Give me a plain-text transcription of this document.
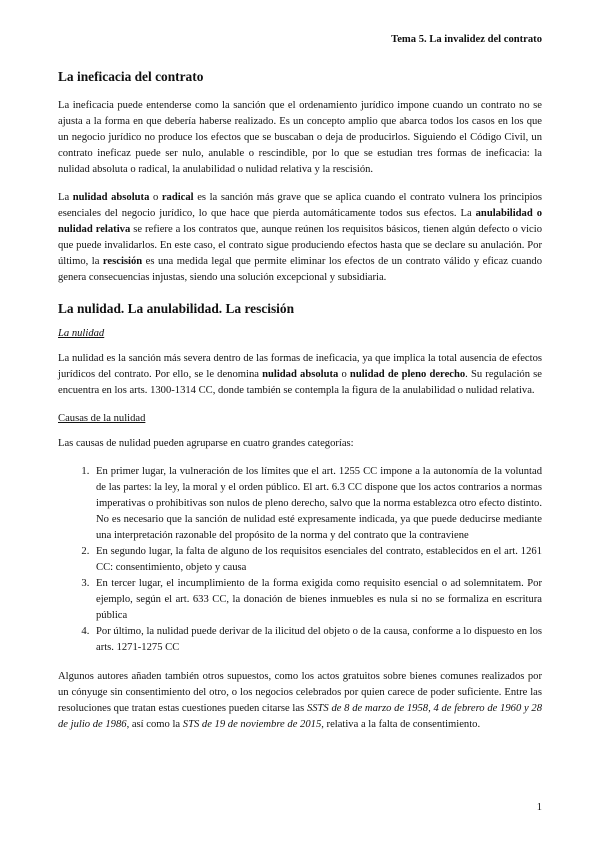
Tema 5. La invalidez del contrato
La ineficacia del contrato

La ineficacia puede entenderse como la sanción que el ordenamiento jurídico impone cuando un contrato no se ajusta a la forma en que debería haberse realizado. Es un concepto amplio que abarca todos los casos en los que un negocio jurídico no produce los efectos que se buscaban o deja de producirlos. Siguiendo el Código Civil, un contrato ineficaz puede ser nulo, anulable o rescindible, por lo que se estudian tres formas de ineficacia: la nulidad absoluta o radical, la anulabilidad o nulidad relativa y la rescisión.

La nulidad absoluta o radical es la sanción más grave que se aplica cuando el contrato vulnera los principios esenciales del negocio jurídico, lo que hace que pierda automáticamente todos sus efectos. La anulabilidad o nulidad relativa se refiere a los contratos que, aunque reúnen los requisitos básicos, tienen algún defecto o vicio que puede invalidarlos. En este caso, el contrato sigue produciendo efectos hasta que se declare su anulación. Por último, la rescisión es una medida legal que permite eliminar los efectos de un contrato válido y eficaz cuando genera consecuencias injustas, siendo una solución excepcional y subsidiaria.

La nulidad. La anulabilidad. La rescisión
La nulidad

La nulidad es la sanción más severa dentro de las formas de ineficacia, ya que implica la total ausencia de efectos jurídicos del contrato. Por ello, se le denomina nulidad absoluta o nulidad de pleno derecho. Su regulación se encuentra en los arts. 1300-1314 CC, donde también se contempla la figura de la anulabilidad o nulidad relativa.

Causas de la nulidad

Las causas de nulidad pueden agruparse en cuatro grandes categorías:

1. En primer lugar, la vulneración de los límites que el art. 1255 CC impone a la autonomía de la voluntad de las partes: la ley, la moral y el orden público. El art. 6.3 CC dispone que los actos contrarios a normas imperativas o prohibitivas son nulos de pleno derecho, salvo que la norma establezca otro efecto distinto. No es necesario que la sanción de nulidad esté expresamente indicada, ya que puede deducirse mediante una interpretación razonable del propósito de la norma y del contrato que la contraviene
2. En segundo lugar, la falta de alguno de los requisitos esenciales del contrato, establecidos en el art. 1261 CC: consentimiento, objeto y causa
3. En tercer lugar, el incumplimiento de la forma exigida como requisito esencial o ad solemnitatem. Por ejemplo, según el art. 633 CC, la donación de bienes inmuebles es nula si no se formaliza en escritura pública
4. Por último, la nulidad puede derivar de la ilicitud del objeto o de la causa, conforme a lo dispuesto en los arts. 1271-1275 CC

Algunos autores añaden también otros supuestos, como los actos gratuitos sobre bienes comunes realizados por un cónyuge sin consentimiento del otro, o los negocios celebrados por quien carece de poder suficiente. Entre las resoluciones que tratan estas cuestiones pueden citarse las SSTS de 8 de marzo de 1958, 4 de febrero de 1960 y 28 de julio de 1986, así como la STS de 19 de noviembre de 2015, relativa a la falta de consentimiento.

1
